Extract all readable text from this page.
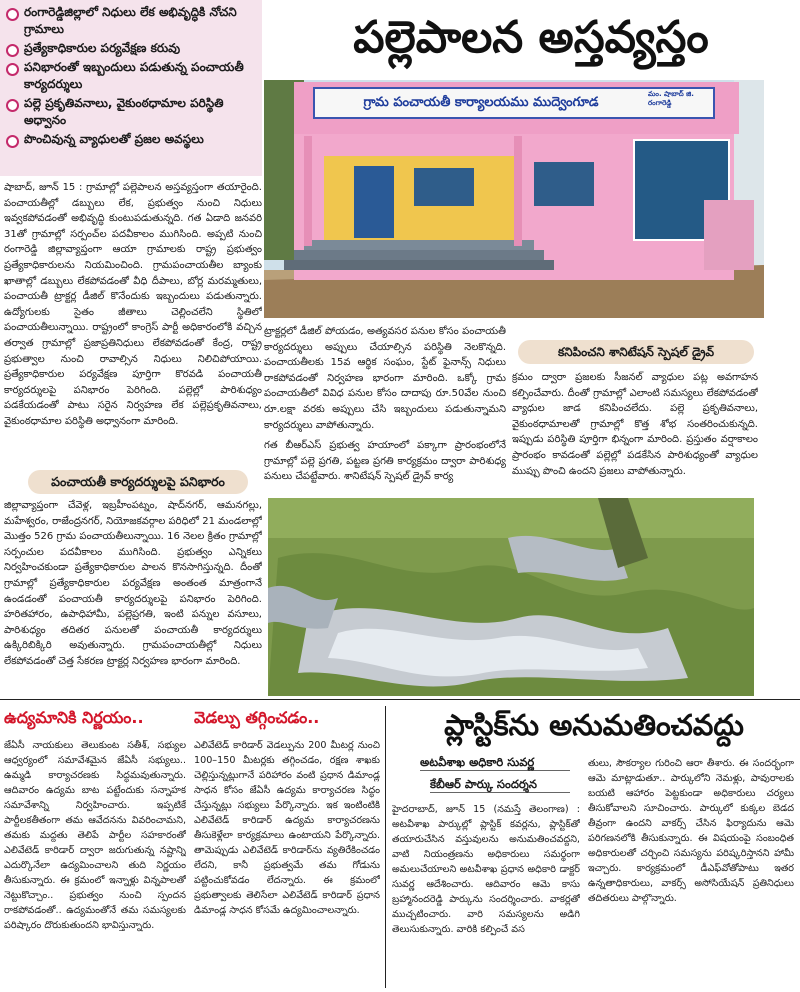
రంగారెడ్డిజిల్లాలో నిధులు లేక అభివృద్ధికి నోచని గ్రామాలు
ప్రత్యేకాధికారుల పర్యవేక్షణ కరువు
పనిభారంతో ఇబ్బందులు పడుతున్న పంచాయతీ కార్యదర్శులు
పల్లె ప్రకృతివనాలు, వైకుంఠధామాల పరిస్థితి అధ్వానం
పొంచివున్న వ్యాధులతో ప్రజల అవస్థలు
పల్లెపాలన అస్తవ్యస్తం
గ్రామ పంచాయతీ కార్యాలయము ముద్వెంగూడ
మం. షాబాద్ జి. రంగారెడ్డి
షాబాద్, జూన్ 15 : గ్రామాల్లో పల్లెపాలన అస్తవ్యస్తంగా తయారైంది. పంచాయతీల్లో డబ్బులు లేక, ప్రభుత్వం నుంచి నిధులు ఇవ్వకపోవడంతో అభివృద్ధి కుంటుపడుతున్నది. గత ఏడాది జనవరి 31తో గ్రామాల్లో సర్పంచ్‌ల పదవీకాలం ముగిసింది. అప్పటి నుంచి రంగారెడ్డి జిల్లావ్యాప్తంగా ఆయా గ్రామాలకు రాష్ట్ర ప్రభుత్వం ప్రత్యేకాధికారులను నియమించింది. గ్రామపంచాయతీల బ్యాంకు ఖాతాల్లో డబ్బులు లేకపోవడంతో వీధి దీపాలు, బోర్ల మరమ్మతులు, పంచాయతీ ట్రాక్టర్ల డీజిల్ కొనేందుకు ఇబ్బందులు పడుతున్నారు. ఉద్యోగులకు సైతం జీతాలు చెల్లించలేని స్థితిలో పంచాయతీలున్నాయి. రాష్ట్రంలో కాంగ్రెస్ పార్టీ అధికారంలోకి వచ్చిన తర్వాత గ్రామాల్లో ప్రజాప్రతినిధులు లేకపోవడంతో కేంద్ర, రాష్ట్ర ప్రభుత్వాల నుంచి రావాల్సిన నిధులు నిలిచిపోయాయి. ప్రత్యేకాధికారుల పర్యవేక్షణ పూర్తిగా కొరవడి పంచాయతీ కార్యదర్శులపై పనిభారం పెరిగింది. పల్లెల్లో పారిశుధ్యం పడకేయడంతో పాటు సరైన నిర్వహణ లేక పల్లెప్రకృతివనాలు, వైకుంఠధామాల పరిస్థితి అధ్వానంగా మారింది.
పంచాయతీ కార్యదర్శులపై పనిభారం
జిల్లావ్యాప్తంగా చేవెళ్ల, ఇబ్రహీంపట్నం, షాద్‌నగర్, ఆమనగల్లు, మహేశ్వరం, రాజేంద్రనగర్, నియోజకవర్గాల పరిధిలో 21 మండలాల్లో మొత్తం 526 గ్రామ పంచాయతీలున్నాయి. 16 నెలల క్రితం గ్రామాల్లో సర్పంచుల పదవీకాలం ముగిసింది. ప్రభుత్వం ఎన్నికలు నిర్వహించకుండా ప్రత్యేకాధికారుల పాలన కొనసాగిస్తున్నది. దీంతో గ్రామాల్లో ప్రత్యేకాధికారుల పర్యవేక్షణ అంతంత మాత్రంగానే ఉండడంతో పంచాయతీ కార్యదర్శులపై పనిభారం పెరిగింది. హరితహారం, ఉపాధిహామీ, పల్లెప్రగతి, ఇంటి పన్నుల వసూలు, పారిశుధ్యం తదితర పనులతో పంచాయతీ కార్యదర్శులు ఉక్కిరిబిక్కిరి అవుతున్నారు. గ్రామపంచాయతీల్లో నిధులు లేకపోవడంతో చెత్త సేకరణ ట్రాక్టర్ల నిర్వహణ భారంగా మారింది.
ట్రాక్టర్లలో డీజిల్ పోయడం, అత్యవసర పనుల కోసం పంచాయతీ కార్యదర్శులు అప్పులు చేయాల్సిన పరిస్థితి నెలకొన్నది. పంచాయతీలకు 15వ ఆర్థిక సంఘం, స్టేట్ ఫైనాన్స్ నిధులు రాకపోవడంతో నిర్వహణ భారంగా మారింది. ఒక్కో గ్రామ పంచాయతీలో వివిధ పనుల కోసం దాదాపు రూ.50వేల నుంచి రూ.లక్షా వరకు అప్పులు చేసి ఇబ్బందులు పడుతున్నామని కార్యదర్శులు వాపోతున్నారు.
గత బీఆర్ఎస్ ప్రభుత్వ హయాంలో పక్కాగా ప్రారంభంలోనే గ్రామాల్లో పల్లె ప్రగతి, పట్టణ ప్రగతి కార్యక్రమం ద్వారా పారిశుధ్య పనులు చేపట్టేవారు. శానిటేషన్ స్పెషల్ డ్రైవ్ కార్య
కనిపించని శానిటేషన్ స్పెషల్ డ్రైవ్
క్రమం ద్వారా ప్రజలకు సీజనల్ వ్యాధుల పట్ల అవగాహన కల్పించేవారు. దీంతో గ్రామాల్లో ఎలాంటి సమస్యలు లేకపోవడంతో వ్యాధుల జాడ కనిపించలేదు. పల్లె ప్రకృతివనాలు, వైకుంఠధామాలతో గ్రామాల్లో కొత్త శోభ సంతరించుకున్నది. ఇప్పుడు పరిస్థితి పూర్తిగా భిన్నంగా మారింది. ప్రస్తుతం వర్షాకాలం ప్రారంభం కావడంతో పల్లెల్లో పడకేసిన పారిశుధ్యంతో వ్యాధుల ముప్పు పొంచి ఉందని ప్రజలు వాపోతున్నారు.
ఉద్యమానికి నిర్ణయం..
జేఏసీ నాయకులు తెలుకుంట సతీశ్, సభ్యుల ఆధ్వర్యంలో సమావేశమైన జేఏసీ సభ్యులు.. ఉమ్మడి కార్యాచరణకు సిద్ధమవుతున్నారు. ఆదివారం ఉద్యమ బాట పట్టేందుకు సన్నాహక సమావేశాన్ని నిర్వహించారు. ఇప్పటికే పార్టీలకతీతంగా తమ ఆవేదనను వివరించామని, తమకు మద్దతు తెలిపే పార్టీల సహకారంతో ఎలివేటెడ్ కారిడార్ ద్వారా జరుగుతున్న నష్టాన్ని ఎదుర్కొనేలా ఉద్యమించాలని తుది నిర్ణయం తీసుకున్నారు. ఈ క్రమంలో ఇన్నాళ్లు విన్నపాలతో నెట్టుకొచ్చాం.. ప్రభుత్వం నుంచి స్పందన రాకపోవడంతో.. ఉద్యమంతోనే తమ సమస్యలకు పరిష్కారం దొరుకుతుందని భావిస్తున్నారు.
వెడల్పు తగ్గించడం..
ఎలివేటెడ్ కారిడార్ వెడల్పును 200 మీటర్ల నుంచి 100–150 మీటర్లకు తగ్గించడం, రక్షణ శాఖకు చెల్లిస్తున్నట్లుగానే పరిహారం వంటి ప్రధాన డిమాండ్ల సాధన కోసం జేఏసీ ఉద్యమ కార్యాచరణ సిద్ధం చేస్తున్నట్లు సభ్యులు పేర్కొన్నారు. ఇక ఇంటింటికి ఎలివేటెడ్ కారిడార్ ఉద్యమ కార్యాచరణను తీసుకెళ్లేలా కార్యక్రమాలు ఉంటాయని పేర్కొన్నారు. తామెప్పుడు ఎలివేటెడ్ కారిడార్‌ను వ్యతిరేకించడం లేదని, కానీ ప్రభుత్వమే తమ గోడును పట్టించుకోవడం లేదన్నారు. ఈ క్రమంలో ప్రభుత్వాలకు తెలిసేలా ఎలివేటెడ్ కారిడార్ ప్రధాన డిమాండ్ల సాధన కోసమే ఉద్యమించాలన్నారు.
ప్లాస్టిక్‌ను అనుమతించవద్దు
అటవీశాఖ అధికారి సువర్ణ
కేబీఆర్ పార్కు సందర్శన
హైదరాబాద్, జూన్ 15 (నమస్తే తెలంగాణ) : అటవీశాఖ పార్కుల్లో ప్లాస్టిక్ కవర్లను, ప్లాస్టిక్‌తో తయారుచేసిన వస్తువులను అనుమతించవద్దని, వాటి నియంత్రణను అధికారులు సమర్థంగా అమలుచేయాలని అటవీశాఖ ప్రధాన అధికారి డాక్టర్ సువర్ణ ఆదేశించారు. ఆదివారం ఆమె కాసు బ్రహ్మానందరెడ్డి పార్కును సందర్శించారు. వాకర్లతో ముచ్చటించారు. వారి సమస్యలను అడిగి తెలుసుకున్నారు. వారికి కల్పించే వస
తులు, సౌకర్యాల గురించి ఆరా తీశారు. ఈ సందర్భంగా ఆమె మాట్లాడుతూ.. పార్కులోని నెమళ్లు, పావురాలకు బయటి ఆహారం పెట్టకుండా అధికారులు చర్యలు తీసుకోవాలని సూచించారు. పార్కులో కుక్కల బెడద తీవ్రంగా ఉందని వాకర్స్ చేసిన ఫిర్యాదును ఆమె పరిగణనలోకి తీసుకున్నారు. ఈ విషయంపై సంబంధిత అధికారులతో చర్చించి సమస్యను పరిష్కరిస్తానని హామీ ఇచ్చారు. కార్యక్రమంలో డీఎఫ్‌వోతోపాటు ఇతర ఉన్నతాధికారులు, వాకర్స్ అసోసియేషన్ ప్రతినిధులు తదితరులు పాల్గొన్నారు.
